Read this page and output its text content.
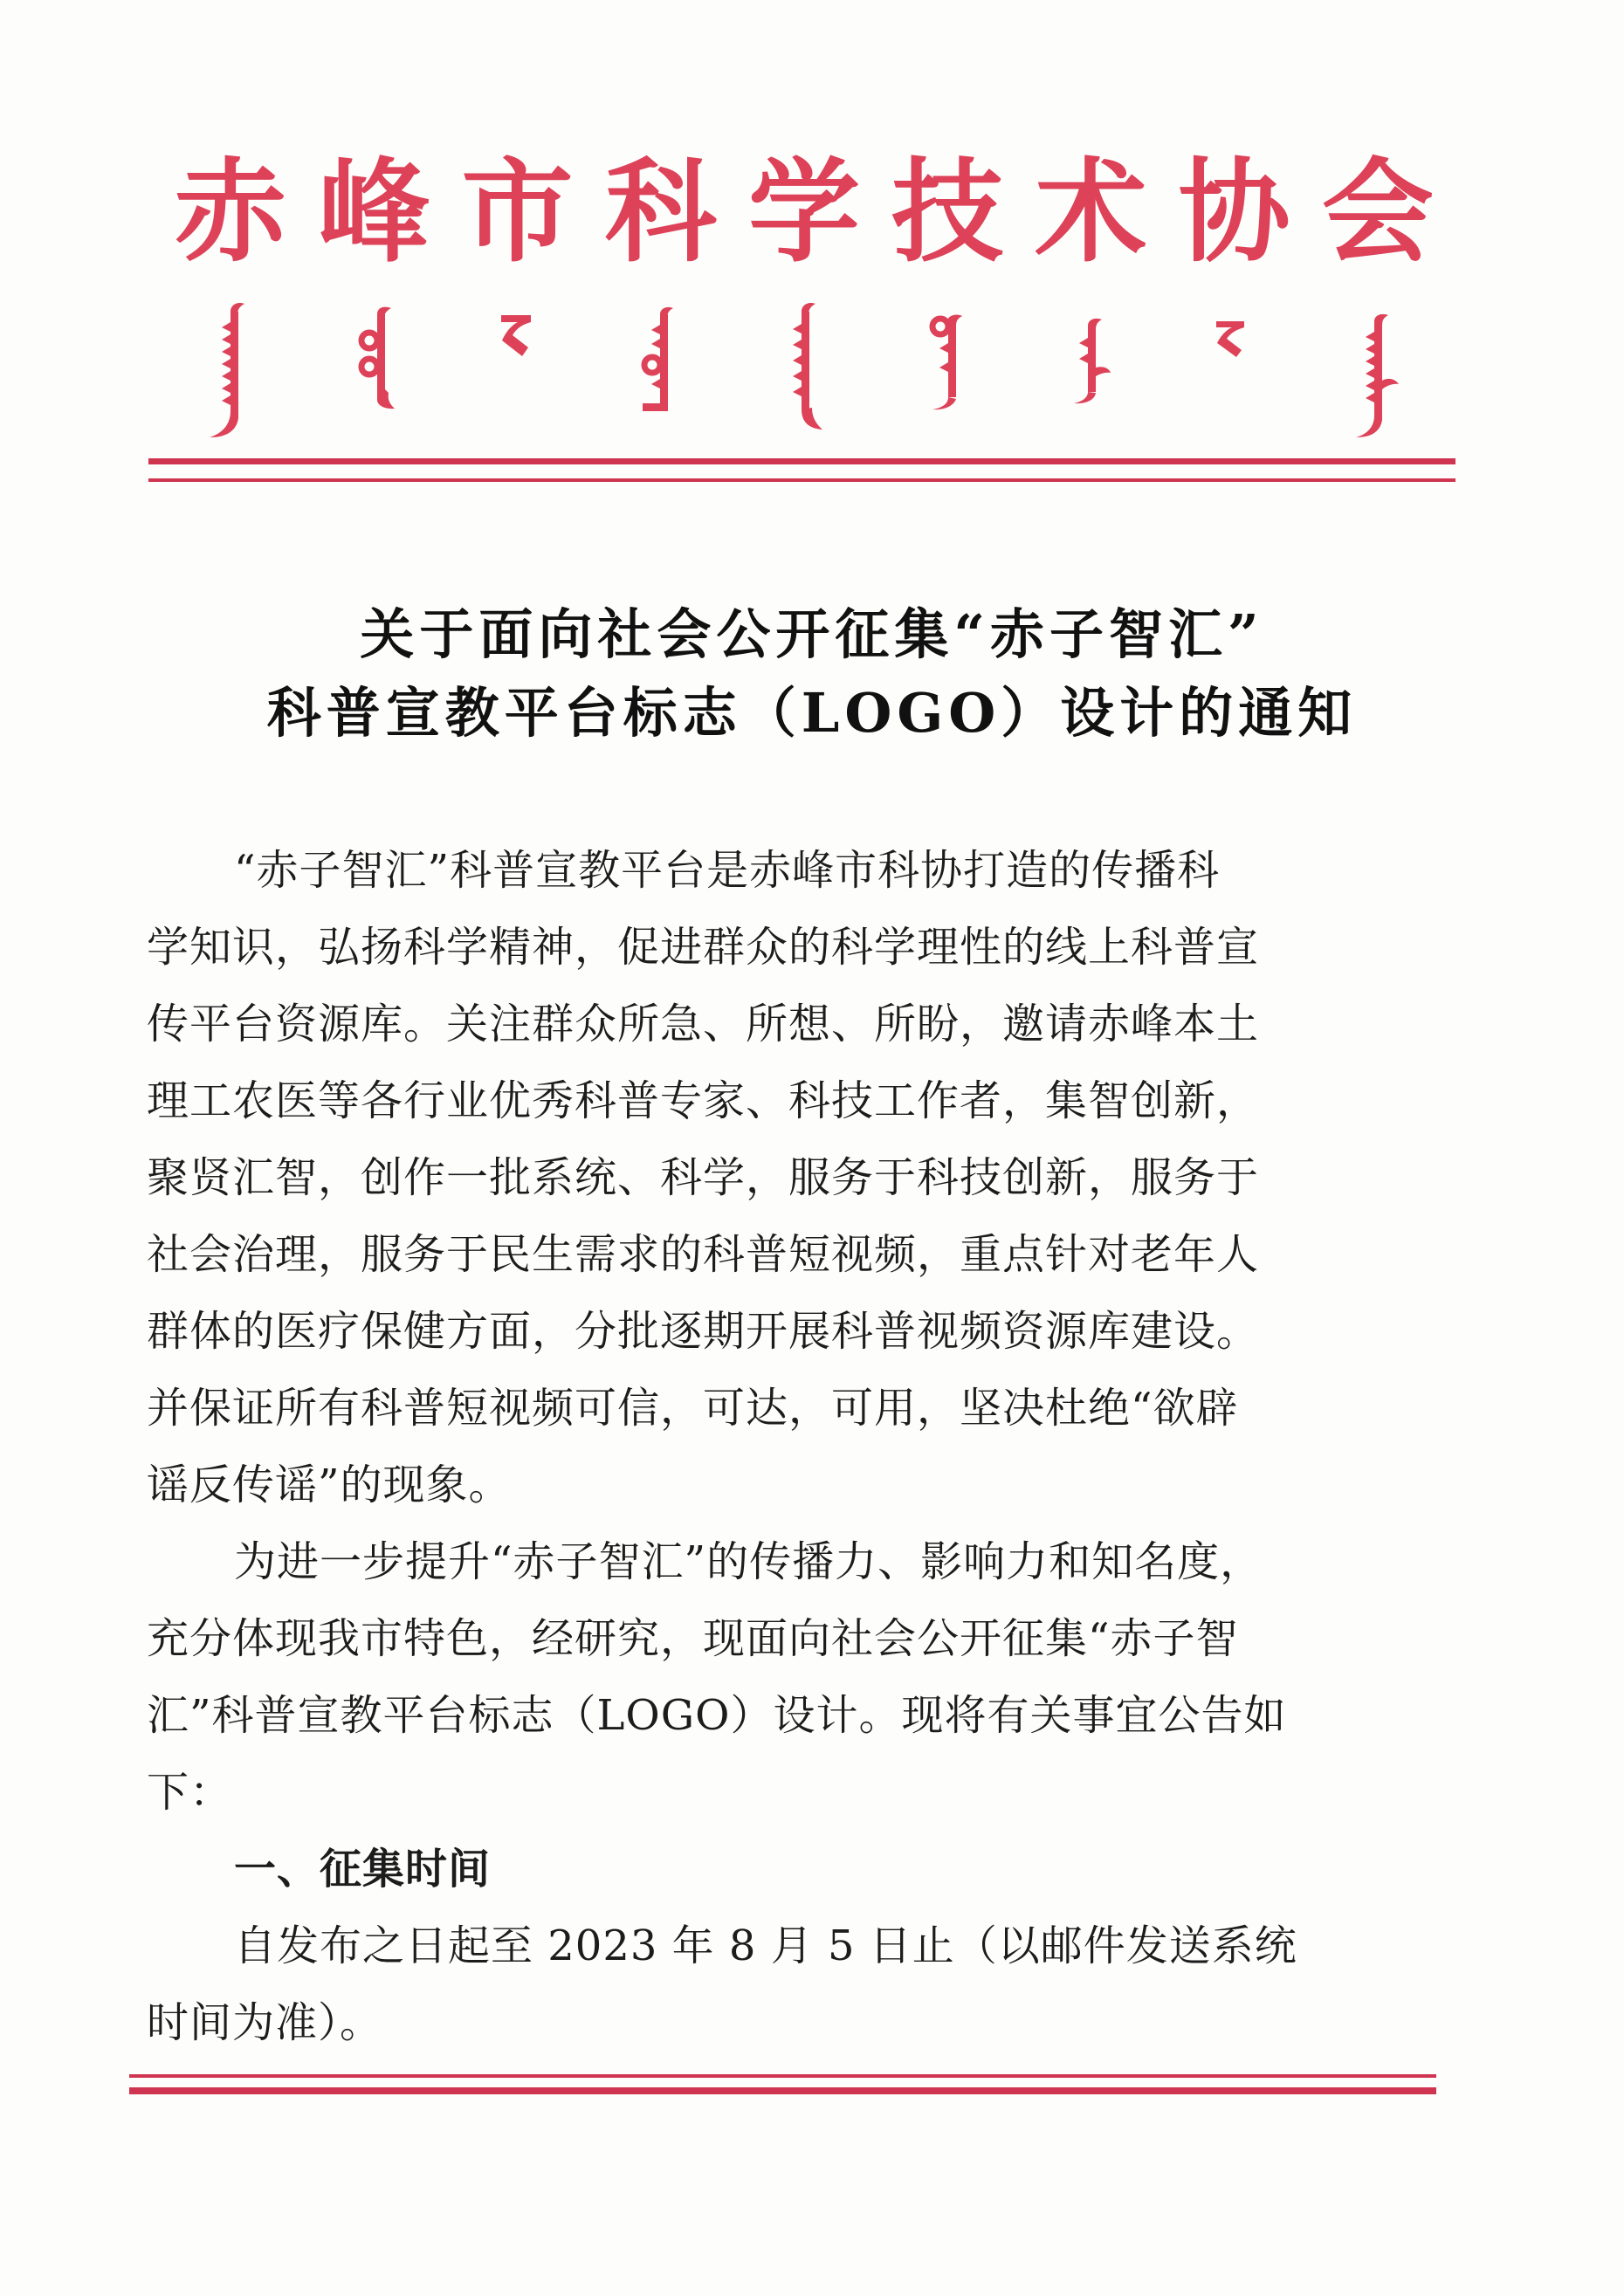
赤 峰 市 科 学 技 术 协 会
关于面向社会公开征集“赤子智汇”
科普宣教平台标志（LOGO）设计的通知

“赤子智汇”科普宣教平台是赤峰市科协打造的传播科

学知识，弘扬科学精神，促进群众的科学理性的线上科普宣

传平台资源库。关注群众所急、所想、所盼，邀请赤峰本土

理工农医等各行业优秀科普专家、科技工作者，集智创新，

聚贤汇智，创作一批系统、科学，服务于科技创新，服务于

社会治理，服务于民生需求的科普短视频，重点针对老年人

群体的医疗保健方面，分批逐期开展科普视频资源库建设。

并保证所有科普短视频可信，可达，可用，坚决杜绝“欲辟

谣反传谣”的现象。

为进一步提升“赤子智汇”的传播力、影响力和知名度，

充分体现我市特色，经研究，现面向社会公开征集“赤子智

汇”科普宣教平台标志（LOGO）设计。现将有关事宜公告如

下：

一、征集时间

自发布之日起至 2023 年 8 月 5 日止（以邮件发送系统

时间为准）。
